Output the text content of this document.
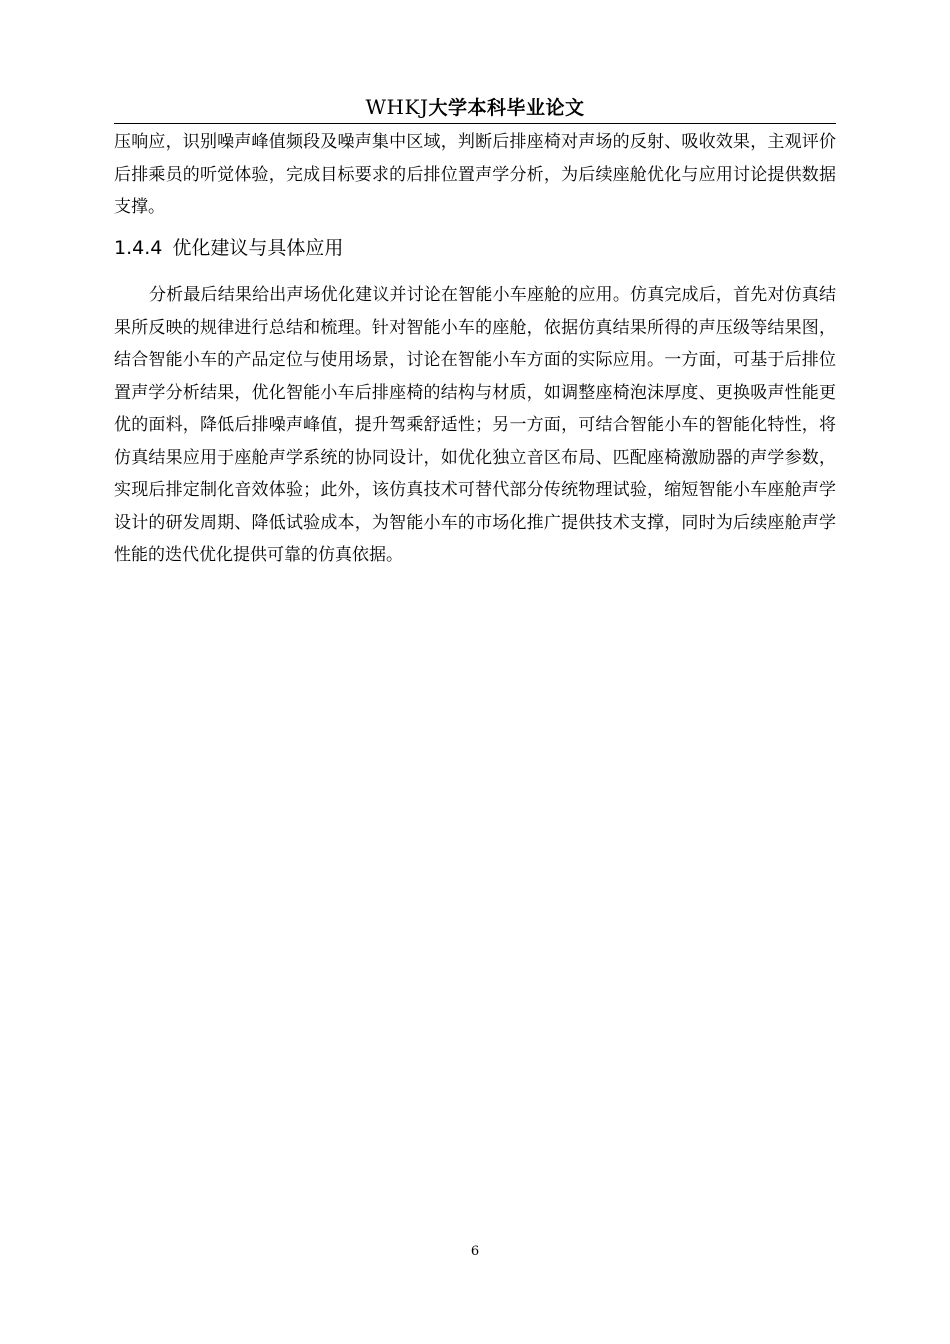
WHKJ大学本科毕业论文
压响应，识别噪声峰值频段及噪声集中区域，判断后排座椅对声场的反射、吸收效果，主观评价后排乘员的听觉体验，完成目标要求的后排位置声学分析，为后续座舱优化与应用讨论提供数据支撑。
1.4.4 优化建议与具体应用
分析最后结果给出声场优化建议并讨论在智能小车座舱的应用。仿真完成后，首先对仿真结果所反映的规律进行总结和梳理。针对智能小车的座舱，依据仿真结果所得的声压级等结果图，结合智能小车的产品定位与使用场景，讨论在智能小车方面的实际应用。一方面，可基于后排位置声学分析结果，优化智能小车后排座椅的结构与材质，如调整座椅泡沫厚度、更换吸声性能更优的面料，降低后排噪声峰值，提升驾乘舒适性；另一方面，可结合智能小车的智能化特性，将仿真结果应用于座舱声学系统的协同设计，如优化独立音区布局、匹配座椅激励器的声学参数，实现后排定制化音效体验；此外，该仿真技术可替代部分传统物理试验，缩短智能小车座舱声学设计的研发周期、降低试验成本，为智能小车的市场化推广提供技术支撑，同时为后续座舱声学性能的迭代优化提供可靠的仿真依据。
6
